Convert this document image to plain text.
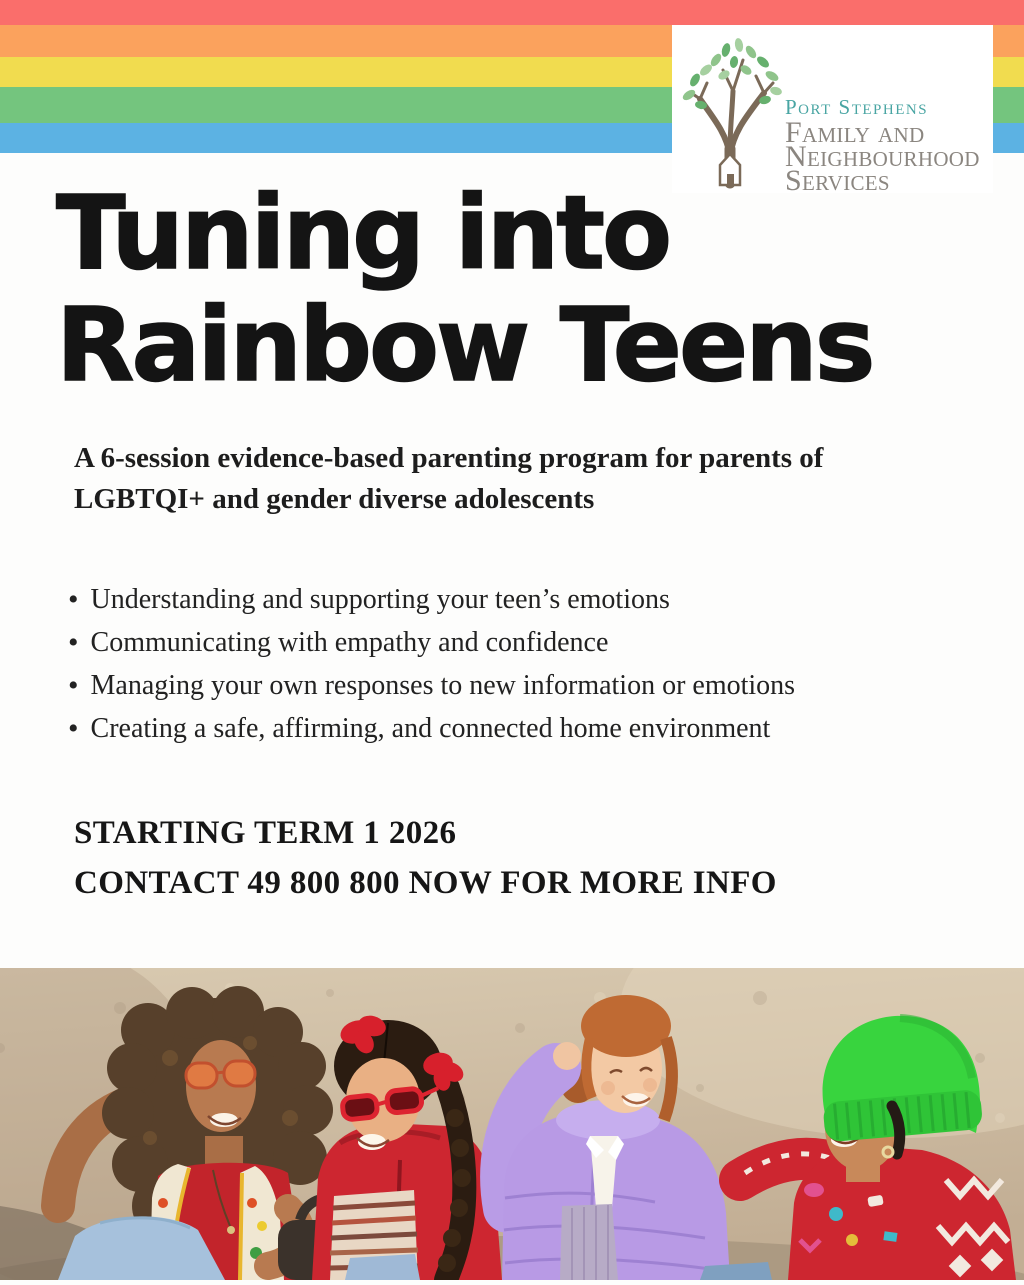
Port Stephens
Family and
Neighbourhood
Services
Tuning into
Rainbow Teens

A 6-session evidence-based parenting program for parents of
LGBTQI+ and gender diverse adolescents

• Understanding and supporting your teen’s emotions
• Communicating with empathy and confidence
• Managing your own responses to new information or emotions
• Creating a safe, affirming, and connected home environment
STARTING TERM 1 2026
CONTACT 49 800 800 NOW FOR MORE INFO
